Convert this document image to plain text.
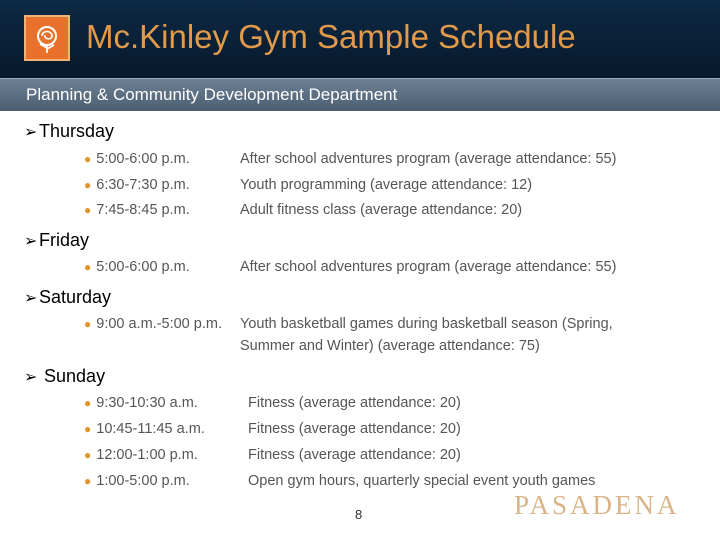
Mc.Kinley Gym Sample Schedule
Planning & Community Development Department
➢Thursday
● 5:00-6:00 p.m.	After school adventures program (average attendance: 55)
● 6:30-7:30 p.m.	Youth programming (average attendance: 12)
● 7:45-8:45 p.m.	Adult fitness class (average attendance: 20)
➢Friday
● 5:00-6:00 p.m.	After school adventures program (average attendance: 55)
➢Saturday
● 9:00 a.m.-5:00 p.m. Youth basketball games during basketball season (Spring,
Summer and Winter) (average attendance: 75)
➢ Sunday
● 9:30-10:30 a.m.	Fitness (average attendance: 20)
● 10:45-11:45 a.m.	Fitness (average attendance: 20)
● 12:00-1:00 p.m.	Fitness (average attendance: 20)
● 1:00-5:00 p.m.	Open gym hours, quarterly special event youth games
PASADENA
8
